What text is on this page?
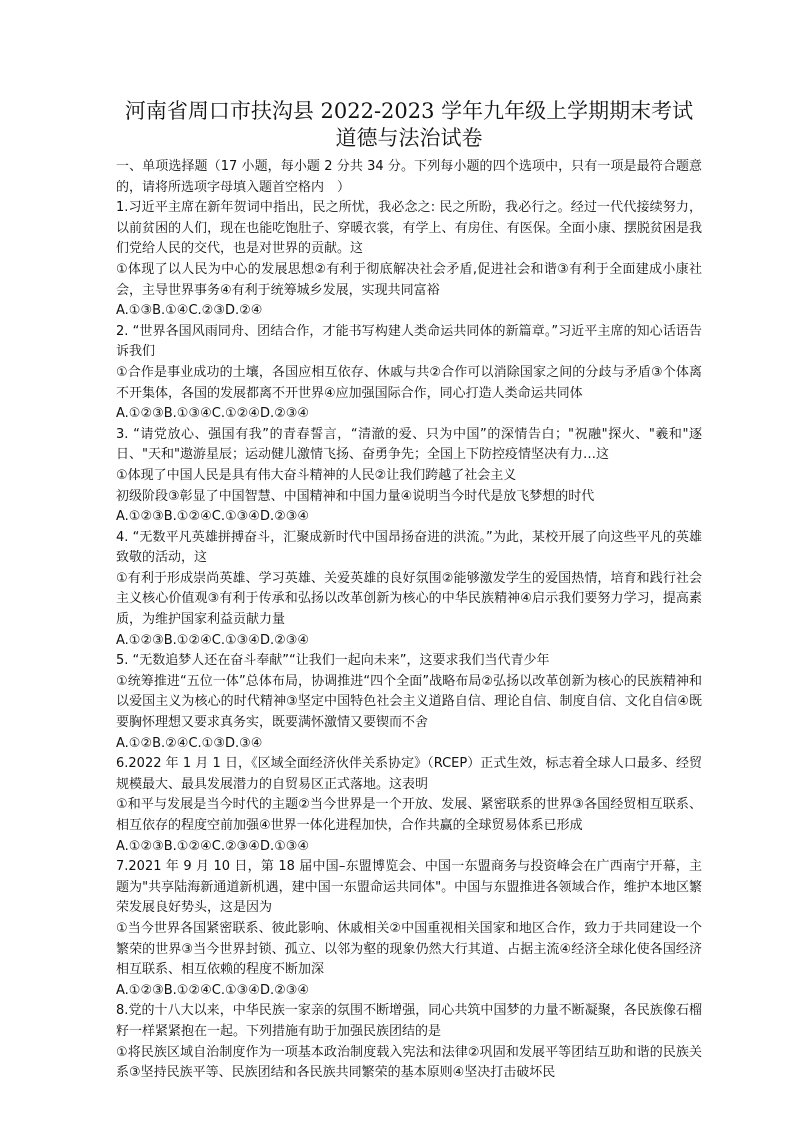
河南省周口市扶沟县 2022-2023 学年九年级上学期期末考试
道德与法治试卷

一、单项选择题（17 小题，每小题 2 分共 34 分。下列每小题的四个选项中，只有一项是最符合题意的，请将所选项字母填入题首空格内　）

1.习近平主席在新年贺词中指出，民之所忧，我必念之: 民之所盼，我必行之。经过一代代接续努力，以前贫困的人们，现在也能吃饱肚子、穿暖衣裳，有学上、有房住、有医保。全面小康、摆脱贫困是我们党给人民的交代，也是对世界的贡献。这

①体现了以人民为中心的发展思想②有利于彻底解决社会矛盾,促进社会和谐③有利于全面建成小康社会，主导世界事务④有利于统筹城乡发展，实现共同富裕

A.①③B.①④C.②③D.②④

2. “世界各国风雨同舟、团结合作，才能书写构建人类命运共同体的新篇章。”习近平主席的知心话语告诉我们

①合作是事业成功的土壤，各国应相互依存、休戚与共②合作可以消除国家之间的分歧与矛盾③个体离不开集体，各国的发展都离不开世界④应加强国际合作，同心打造人类命运共同体

A.①②③B.①③④C.①②④D.②③④

3. “请党放心、强国有我”的青春誓言，“清澈的爱、只为中国”的深情告白；"祝融"探火、"羲和"逐日、"天和"遨游星辰；运动健儿激情飞扬、奋勇争先；全国上下防控疫情坚决有力…这

①体现了中国人民是具有伟大奋斗精神的人民②让我们跨越了社会主义
初级阶段③彰显了中国智慧、中国精神和中国力量④说明当今时代是放飞梦想的时代

A.①②③B.①②④C.①③④D.②③④

4. “无数平凡英雄拼搏奋斗，汇聚成新时代中国昂扬奋进的洪流。”为此，某校开展了向这些平凡的英雄致敬的活动，这

①有利于形成崇尚英雄、学习英雄、关爱英雄的良好氛围②能够激发学生的爱国热情，培育和践行社会主义核心价值观③有利于传承和弘扬以改革创新为核心的中华民族精神④启示我们要努力学习，提高素质，为维护国家利益贡献力量

A.①②③B.①②④C.①③④D.②③④

5. “无数追梦人还在奋斗奉献”“让我们一起向未来”，这要求我们当代青少年

①统筹推进“五位一体”总体布局，协调推进“四个全面”战略布局②弘扬以改革创新为核心的民族精神和以爱国主义为核心的时代精神③坚定中国特色社会主义道路自信、理论自信、制度自信、文化自信④既要胸怀理想又要求真务实，既要满怀激情又要锲而不舍

A.①②B.②④C.①③D.③④

6.2022 年 1 月 1 日，《区域全面经济伙伴关系协定》（RCEP）正式生效，标志着全球人口最多、经贸规模最大、最具发展潜力的自贸易区正式落地。这表明

①和平与发展是当今时代的主题②当今世界是一个开放、发展、紧密联系的世界③各国经贸相互联系、相互依存的程度空前加强④世界一体化进程加快，合作共赢的全球贸易体系已形成

A.①②③B.①②④C.②③④D.①③④

7.2021 年 9 月 10 日，第 18 届中国–东盟博览会、中国一东盟商务与投资峰会在广西南宁开幕，主题为"共享陆海新通道新机遇，建中国一东盟命运共同体"。中国与东盟推进各领域合作，维护本地区繁荣发展良好势头，这是因为

①当今世界各国紧密联系、彼此影响、休戚相关②中国重视相关国家和地区合作，致力于共同建设一个繁荣的世界③当今世界封锁、孤立、以邻为壑的现象仍然大行其道、占据主流④经济全球化使各国经济相互联系、相互依赖的程度不断加深

A.①②③B.①②④C.①③④D.②③④

8.党的十八大以来，中华民族一家亲的氛围不断增强，同心共筑中国梦的力量不断凝聚，各民族像石榴籽一样紧紧抱在一起。下列措施有助于加强民族团结的是

①将民族区域自治制度作为一项基本政治制度载入宪法和法律②巩固和发展平等团结互助和谐的民族关系③坚持民族平等、民族团结和各民族共同繁荣的基本原则④坚决打击破坏民
